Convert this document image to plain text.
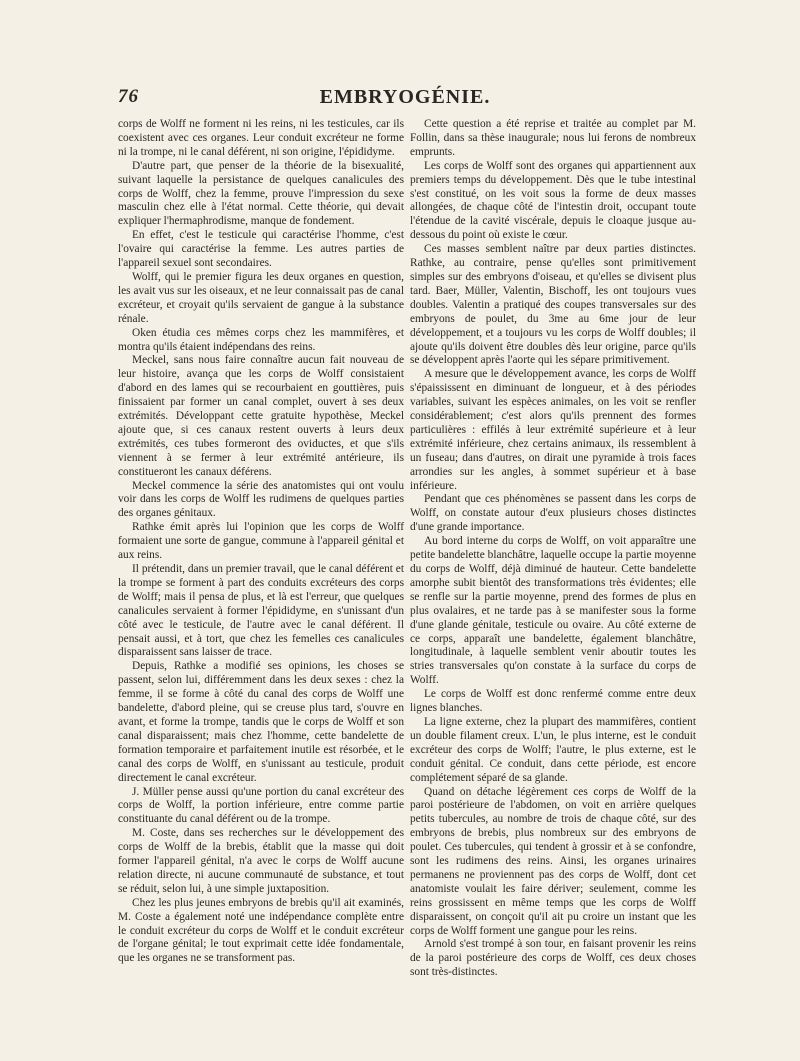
76	EMBRYOGÉNIE.

corps de Wolff ne forment ni les reins, ni les testicules, car ils coexistent avec ces organes. Leur conduit excréteur ne forme ni la trompe, ni le canal déférent, ni son origine, l'épididyme.

D'autre part, que penser de la théorie de la bisexualité, suivant laquelle la persistance de quelques canalicules des corps de Wolff, chez la femme, prouve l'impression du sexe masculin chez elle à l'état normal. Cette théorie, qui devait expliquer l'hermaphrodisme, manque de fondement.

En effet, c'est le testicule qui caractérise l'homme, c'est l'ovaire qui caractérise la femme. Les autres parties de l'appareil sexuel sont secondaires.

Wolff, qui le premier figura les deux organes en question, les avait vus sur les oiseaux, et ne leur connaissait pas de canal excréteur, et croyait qu'ils servaient de gangue à la substance rénale.

Oken étudia ces mêmes corps chez les mammifères, et montra qu'ils étaient indépendans des reins.

Meckel, sans nous faire connaître aucun fait nouveau de leur histoire, avança que les corps de Wolff consistaient d'abord en des lames qui se recourbaient en gouttières, puis finissaient par former un canal complet, ouvert à ses deux extrémités. Développant cette gratuite hypothèse, Meckel ajoute que, si ces canaux restent ouverts à leurs deux extrémités, ces tubes formeront des oviductes, et que s'ils viennent à se fermer à leur extrémité antérieure, ils constitueront les canaux déférens.

Meckel commence la série des anatomistes qui ont voulu voir dans les corps de Wolff les rudimens de quelques parties des organes génitaux.

Rathke émit après lui l'opinion que les corps de Wolff formaient une sorte de gangue, commune à l'appareil génital et aux reins.

Il prétendit, dans un premier travail, que le canal déférent et la trompe se forment à part des conduits excréteurs des corps de Wolff; mais il pensa de plus, et là est l'erreur, que quelques canalicules servaient à former l'épididyme, en s'unissant d'un côté avec le testicule, de l'autre avec le canal déférent. Il pensait aussi, et à tort, que chez les femelles ces canalicules disparaissent sans laisser de trace.

Depuis, Rathke a modifié ses opinions, les choses se passent, selon lui, différemment dans les deux sexes : chez la femme, il se forme à côté du canal des corps de Wolff une bandelette, d'abord pleine, qui se creuse plus tard, s'ouvre en avant, et forme la trompe, tandis que le corps de Wolff et son canal disparaissent; mais chez l'homme, cette bandelette de formation temporaire et parfaitement inutile est résorbée, et le canal des corps de Wolff, en s'unissant au testicule, produit directement le canal excréteur.

J. Müller pense aussi qu'une portion du canal excréteur des corps de Wolff, la portion inférieure, entre comme partie constituante du canal déférent ou de la trompe.

M. Coste, dans ses recherches sur le développement des corps de Wolff de la brebis, établit que la masse qui doit former l'appareil génital, n'a avec le corps de Wolff aucune relation directe, ni aucune communauté de substance, et tout se réduit, selon lui, à une simple juxtaposition.

Chez les plus jeunes embryons de brebis qu'il ait examinés, M. Coste a également noté une indépendance complète entre le conduit excréteur du corps de Wolff et le conduit excréteur de l'organe génital; le tout exprimait cette idée fondamentale, que les organes ne se transforment pas.

Cette question a été reprise et traitée au complet par M. Follin, dans sa thèse inaugurale; nous lui ferons de nombreux emprunts.

Les corps de Wolff sont des organes qui appartiennent aux premiers temps du développement. Dès que le tube intestinal s'est constitué, on les voit sous la forme de deux masses allongées, de chaque côté de l'intestin droit, occupant toute l'étendue de la cavité viscérale, depuis le cloaque jusque au-dessous du point où existe le cœur.

Ces masses semblent naître par deux parties distinctes. Rathke, au contraire, pense qu'elles sont primitivement simples sur des embryons d'oiseau, et qu'elles se divisent plus tard. Baer, Müller, Valentin, Bischoff, les ont toujours vues doubles. Valentin a pratiqué des coupes transversales sur des embryons de poulet, du 3me au 6me jour de leur développement, et a toujours vu les corps de Wolff doubles; il ajoute qu'ils doivent être doubles dès leur origine, parce qu'ils se développent après l'aorte qui les sépare primitivement.

A mesure que le développement avance, les corps de Wolff s'épaississent en diminuant de longueur, et à des périodes variables, suivant les espèces animales, on les voit se renfler considérablement; c'est alors qu'ils prennent des formes particulières : effilés à leur extrémité supérieure et à leur extrémité inférieure, chez certains animaux, ils ressemblent à un fuseau; dans d'autres, on dirait une pyramide à trois faces arrondies sur les angles, à sommet supérieur et à base inférieure.

Pendant que ces phénomènes se passent dans les corps de Wolff, on constate autour d'eux plusieurs choses distinctes d'une grande importance.

Au bord interne du corps de Wolff, on voit apparaître une petite bandelette blanchâtre, laquelle occupe la partie moyenne du corps de Wolff, déjà diminué de hauteur. Cette bandelette amorphe subit bientôt des transformations très évidentes; elle se renfle sur la partie moyenne, prend des formes de plus en plus ovalaires, et ne tarde pas à se manifester sous la forme d'une glande génitale, testicule ou ovaire. Au côté externe de ce corps, apparaît une bandelette, également blanchâtre, longitudinale, à laquelle semblent venir aboutir toutes les stries transversales qu'on constate à la surface du corps de Wolff.

Le corps de Wolff est donc renfermé comme entre deux lignes blanches.

La ligne externe, chez la plupart des mammifères, contient un double filament creux. L'un, le plus interne, est le conduit excréteur des corps de Wolff; l'autre, le plus externe, est le conduit génital. Ce conduit, dans cette période, est encore complétement séparé de sa glande.

Quand on détache légèrement ces corps de Wolff de la paroi postérieure de l'abdomen, on voit en arrière quelques petits tubercules, au nombre de trois de chaque côté, sur des embryons de brebis, plus nombreux sur des embryons de poulet. Ces tubercules, qui tendent à grossir et à se confondre, sont les rudimens des reins. Ainsi, les organes urinaires permanens ne proviennent pas des corps de Wolff, dont cet anatomiste voulait les faire dériver; seulement, comme les reins grossissent en même temps que les corps de Wolff disparaissent, on conçoit qu'il ait pu croire un instant que les corps de Wolff forment une gangue pour les reins.

Arnold s'est trompé à son tour, en faisant provenir les reins de la paroi postérieure des corps de Wolff, ces deux choses sont très-distinctes.
